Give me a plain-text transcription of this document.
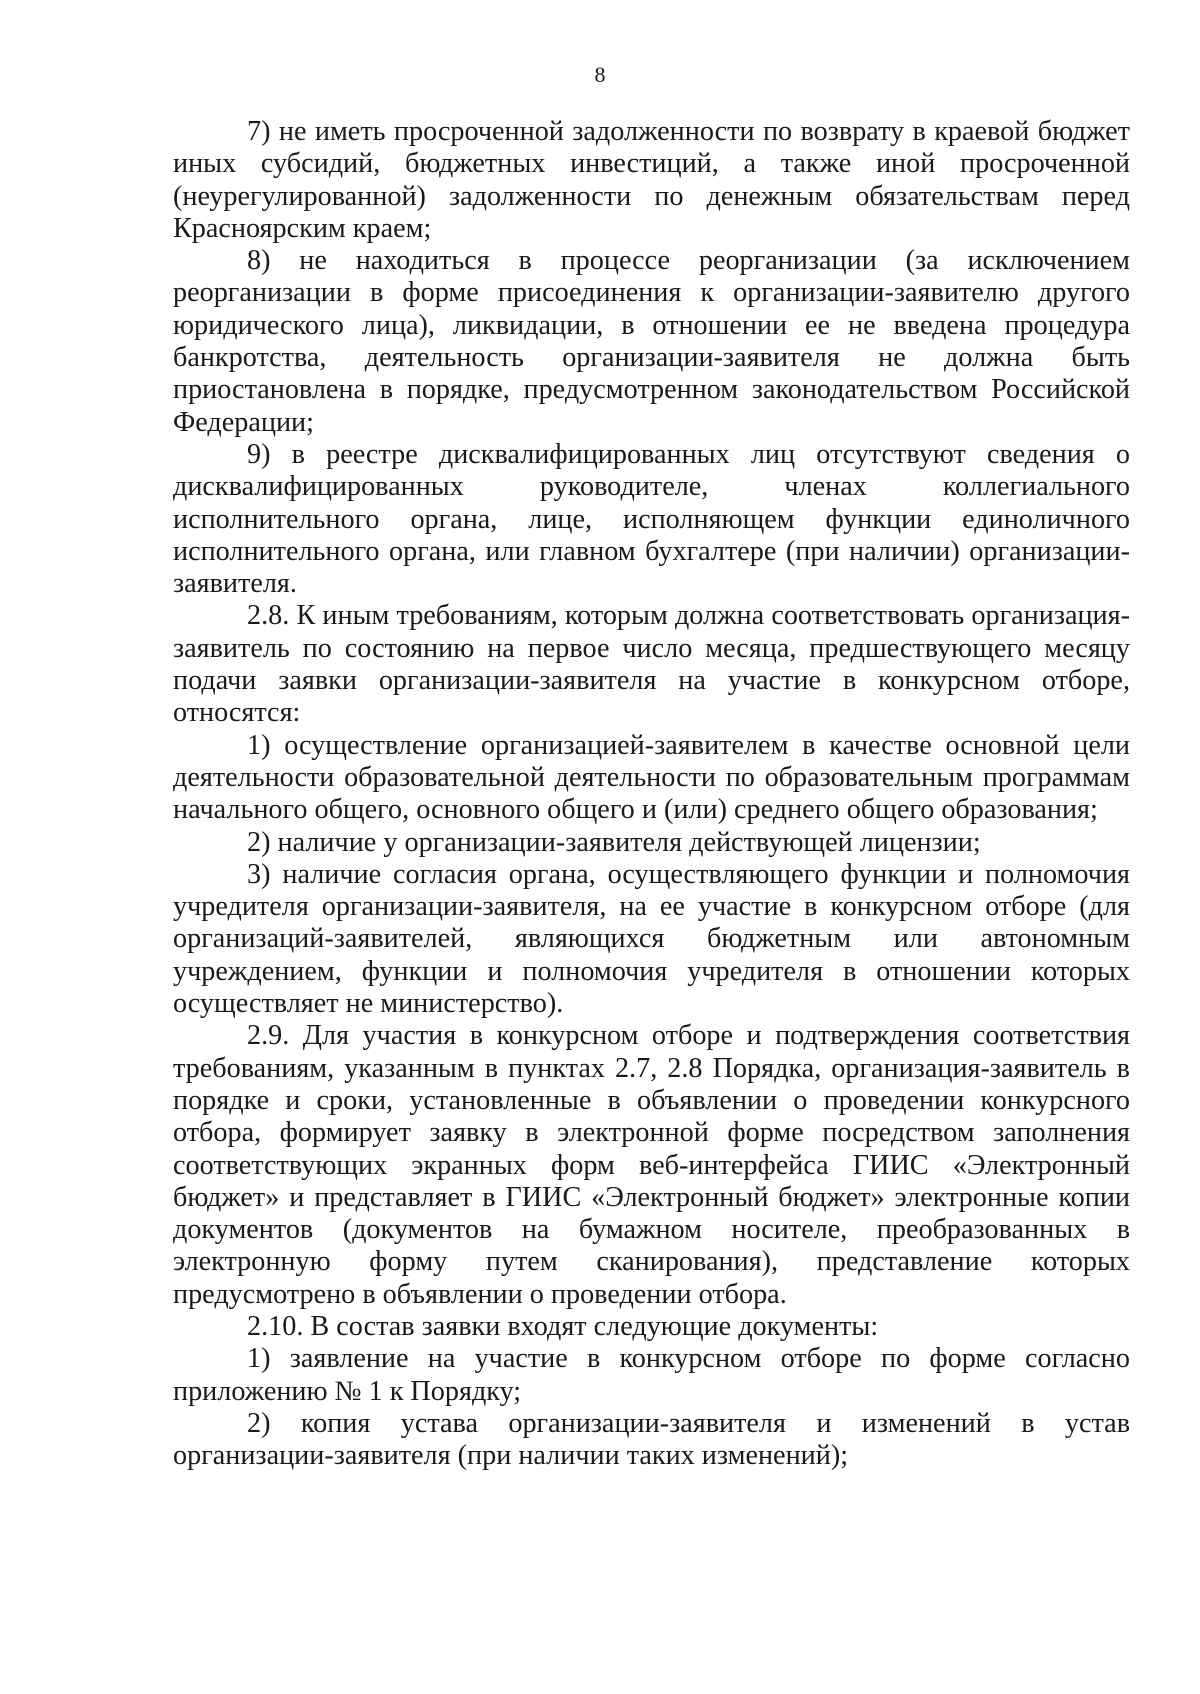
8

7) не иметь просроченной задолженности по возврату в краевой бюджет иных субсидий, бюджетных инвестиций, а также иной просроченной (неурегулированной) задолженности по денежным обязательствам перед Красноярским краем;

8) не находиться в процессе реорганизации (за исключением реорганизации в форме присоединения к организации-заявителю другого юридического лица), ликвидации, в отношении ее не введена процедура банкротства, деятельность организации-заявителя не должна быть приостановлена в порядке, предусмотренном законодательством Российской Федерации;

9) в реестре дисквалифицированных лиц отсутствуют сведения о дисквалифицированных руководителе, членах коллегиального исполнительного органа, лице, исполняющем функции единоличного исполнительного органа, или главном бухгалтере (при наличии) организации-заявителя.

2.8. К иным требованиям, которым должна соответствовать организация-заявитель по состоянию на первое число месяца, предшествующего месяцу подачи заявки организации-заявителя на участие в конкурсном отборе, относятся:

1) осуществление организацией-заявителем в качестве основной цели деятельности образовательной деятельности по образовательным программам начального общего, основного общего и (или) среднего общего образования;

2) наличие у организации-заявителя действующей лицензии;

3) наличие согласия органа, осуществляющего функции и полномочия учредителя организации-заявителя, на ее участие в конкурсном отборе (для организаций-заявителей, являющихся бюджетным или автономным учреждением, функции и полномочия учредителя в отношении которых осуществляет не министерство).

2.9. Для участия в конкурсном отборе и подтверждения соответствия требованиям, указанным в пунктах 2.7, 2.8 Порядка, организация-заявитель в порядке и сроки, установленные в объявлении о проведении конкурсного отбора, формирует заявку в электронной форме посредством заполнения соответствующих экранных форм веб-интерфейса ГИИС «Электронный бюджет» и представляет в ГИИС «Электронный бюджет» электронные копии документов (документов на бумажном носителе, преобразованных в электронную форму путем сканирования), представление которых предусмотрено в объявлении о проведении отбора.

2.10. В состав заявки входят следующие документы:

1) заявление на участие в конкурсном отборе по форме согласно приложению № 1 к Порядку;

2) копия устава организации-заявителя и изменений в устав организации-заявителя (при наличии таких изменений);
